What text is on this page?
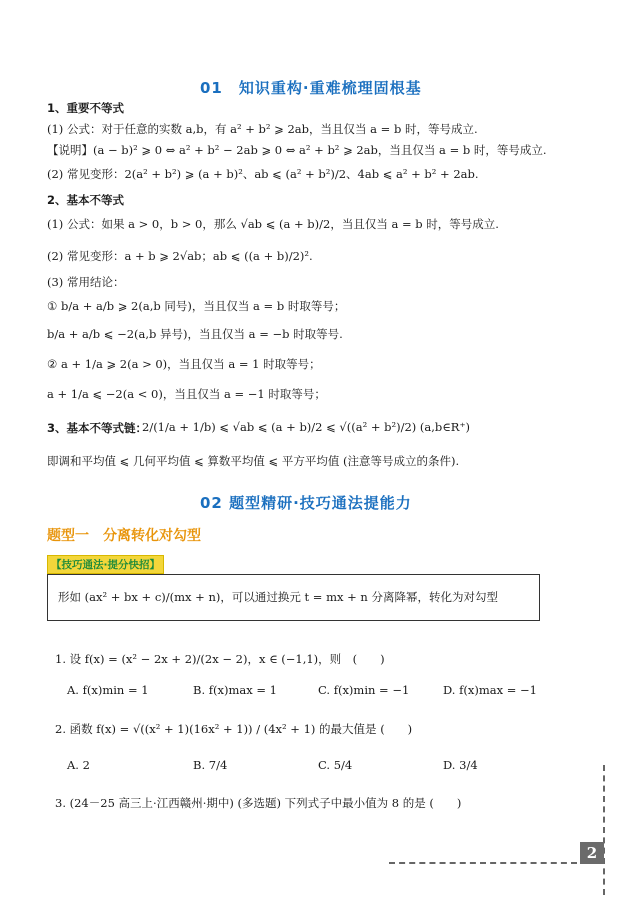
01　知识重构·重难梳理固根基
1、重要不等式
(1) 公式：对于任意的实数 a,b，有 a² + b² ⩾ 2ab，当且仅当 a = b 时，等号成立.
【说明】(a − b)² ⩾ 0 ⇔ a² + b² − 2ab ⩾ 0 ⇔ a² + b² ⩾ 2ab，当且仅当 a = b 时，等号成立.
(2) 常见变形：2(a² + b²) ⩾ (a + b)²、ab ⩽ (a² + b²)/2、4ab ⩽ a² + b² + 2ab.
2、基本不等式
(1) 公式：如果 a > 0，b > 0，那么 √ab ⩽ (a + b)/2，当且仅当 a = b 时，等号成立.
(2) 常见变形：a + b ⩾ 2√ab；ab ⩽ ((a + b)/2)².
(3) 常用结论：
① b/a + a/b ⩾ 2(a,b 同号)，当且仅当 a = b 时取等号；
b/a + a/b ⩽ −2(a,b 异号)，当且仅当 a = −b 时取等号.
② a + 1/a ⩾ 2(a > 0)，当且仅当 a = 1 时取等号；
a + 1/a ⩽ −2(a < 0)，当且仅当 a = −1 时取等号；
3、基本不等式链：
2/(1/a + 1/b) ⩽ √ab ⩽ (a + b)/2 ⩽ √((a² + b²)/2) (a,b∈R⁺)
即调和平均值 ⩽ 几何平均值 ⩽ 算数平均值 ⩽ 平方平均值 (注意等号成立的条件).
02 题型精研·技巧通法提能力
题型一　分离转化对勾型
【技巧通法·提分快招】
形如 (ax² + bx + c)/(mx + n)，可以通过换元 t = mx + n 分离降幂，转化为对勾型
1. 设 f(x) = (x² − 2x + 2)/(2x − 2)，x ∈ (−1,1)，则　(　　)
A. f(x)min = 1	B. f(x)max = 1	C. f(x)min = −1	D. f(x)max = −1
2. 函数 f(x) = √((x² + 1)(16x² + 1)) / (4x² + 1) 的最大值是 (　　)
A. 2	B. 7/4	C. 5/4	D. 3/4
3. (24－25 高三上·江西赣州·期中) (多选题) 下列式子中最小值为 8 的是 (　　)
2
